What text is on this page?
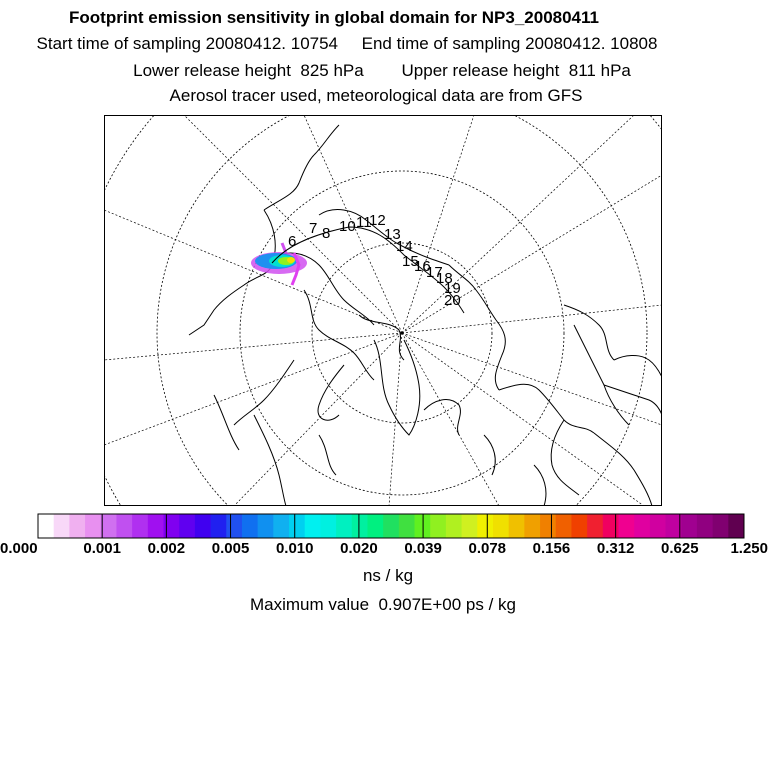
Footprint emission sensitivity in global domain for NP3_20080411
Start time of sampling 20080412. 10754     End time of sampling 20080412. 10808
Lower release height  825 hPa        Upper release height  811 hPa
Aerosol tracer used, meteorological data are from GFS
6
7 8 10 11
12
13
14
15
16
17
18
19
20
0.000	0.001 0.002 0.005 0.010 0.020 0.039 0.078 0.156 0.312 0.625 1.250
ns / kg
Maximum value  0.907E+00 ps / kg
